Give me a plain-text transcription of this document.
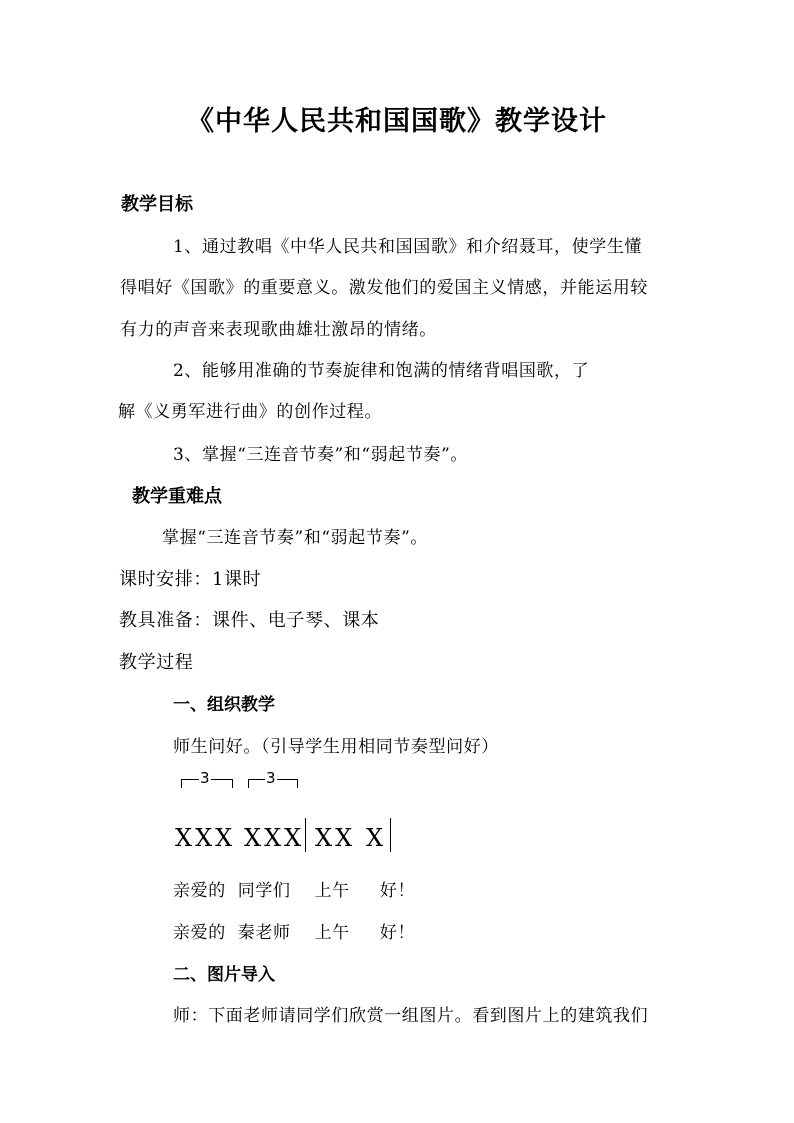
《中华人民共和国国歌》教学设计
教学目标
1、通过教唱《中华人民共和国国歌》和介绍聂耳，使学生懂
得唱好《国歌》的重要意义。激发他们的爱国主义情感，并能运用较
有力的声音来表现歌曲雄壮激昂的情绪。
2、能够用准确的节奏旋律和饱满的情绪背唱国歌，了
解《义勇军进行曲》的创作过程。
3、掌握“三连音节奏”和“弱起节奏”。
教学重难点
掌握“三连音节奏”和“弱起节奏”。
课时安排：1课时
教具准备：课件、电子琴、课本
教学过程
一、组织教学
师生问好。（引导学生用相同节奏型问好）
3	3
XXX XXX XX X
亲爱的  同学们    上午     好！
亲爱的  秦老师    上午     好！
二、图片导入
师：下面老师请同学们欣赏一组图片。看到图片上的建筑我们
